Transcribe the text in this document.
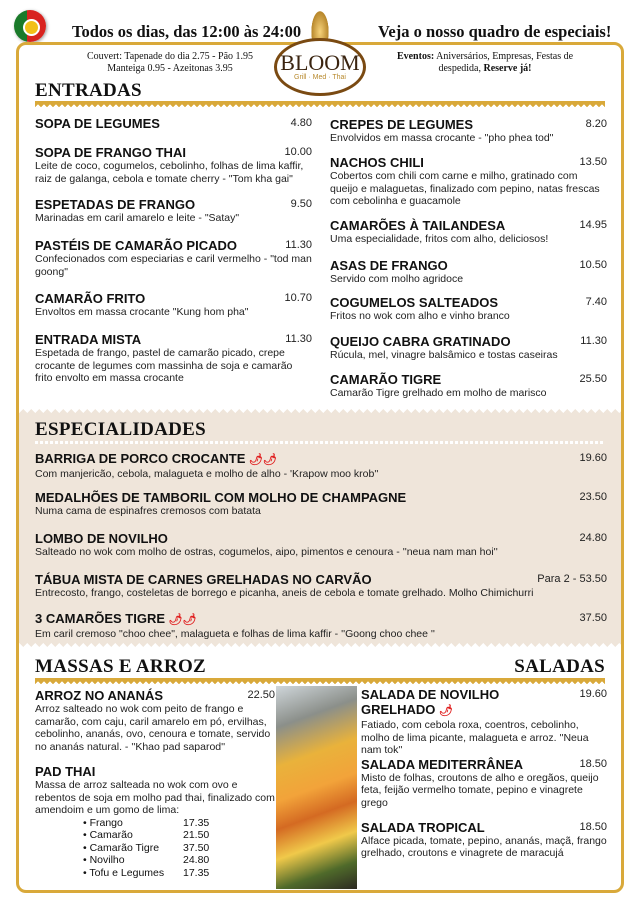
Todos os dias, das 12:00 às 24:00	Veja o nosso quadro de especiais!
Couvert: Tapenade do dia 2.75 - Pão 1.95
Manteiga 0.95 - Azeitonas 3.95
Eventos: Aniversários, Empresas, Festas de despedida, Reserve já!
BLOOM
Grill · Med · Thai
ENTRADAS
SOPA DE LEGUMES	4.80
SOPA DE FRANGO THAI	10.00
Leite de coco, cogumelos, cebolinho, folhas de lima kaffir, raiz de galanga, cebola e tomate cherry - "Tom kha gai"
ESPETADAS DE FRANGO	9.50
Marinadas em caril amarelo e leite - "Satay"
PASTÉIS DE CAMARÃO PICADO	11.30
Confecionados com especiarias e caril vermelho - "tod man goong"
CAMARÃO FRITO	10.70
Envoltos em massa crocante "Kung hom pha"
ENTRADA MISTA	11.30
Espetada de frango, pastel de camarão picado, crepe crocante de legumes com massinha de soja e camarão frito envolto em massa crocante
CREPES DE LEGUMES	8.20
Envolvidos em massa crocante - "pho phea tod"
NACHOS CHILI	13.50
Cobertos com chili com carne e milho, gratinado com queijo e malaguetas, finalizado com pepino, natas frescas com cebolinha e guacamole
CAMARÕES À TAILANDESA	14.95
Uma especialidade, fritos com alho, deliciosos!
ASAS DE FRANGO	10.50
Servido com molho agridoce
COGUMELOS SALTEADOS	7.40
Fritos no wok com alho e vinho branco
QUEIJO CABRA GRATINADO	11.30
Rúcula, mel, vinagre balsâmico e tostas caseiras
CAMARÃO TIGRE	25.50
Camarão Tigre grelhado em molho de marisco
ESPECIALIDADES
BARRIGA DE PORCO CROCANTE 🌶🌶	19.60
Com manjericão, cebola, malagueta e molho de alho - 'Krapow moo krob''
MEDALHÕES DE TAMBORIL COM MOLHO DE CHAMPAGNE	23.50
Numa cama de espinafres cremosos com batata
LOMBO DE NOVILHO	24.80
Salteado no wok com molho de ostras, cogumelos, aipo, pimentos e cenoura - ''neua nam man hoi''
TÁBUA MISTA DE CARNES GRELHADAS NO CARVÃO	Para 2 - 53.50
Entrecosto, frango, costeletas de borrego e picanha, aneis de cebola e tomate grelhado. Molho Chimichurri
3 CAMARÕES TIGRE 🌶🌶	37.50
Em caril cremoso "choo chee", malagueta e folhas de lima kaffir - ''Goong choo chee ''
MASSAS E ARROZ	SALADAS
ARROZ NO ANANÁS	22.50
Arroz salteado no wok com peito de frango e camarão, com caju, caril amarelo em pó, ervilhas, cebolinho, ananás, ovo, cenoura e tomate, servido no ananás natural. - ''Khao pad saparod''
PAD THAI
Massa de arroz salteada no wok com ovo e rebentos de soja em molho pad thai, finalizado com amendoim e um gomo de lima:
• Frango	17.35
• Camarão	21.50
• Camarão Tigre 37.50
• Novilho	24.80
• Tofu e Legumes 17.35
SALADA DE NOVILHO GRELHADO 🌶
19.60
Fatiado, com cebola roxa, coentros, cebolinho, molho de lima picante, malagueta e arroz. ''Neua nam tok''
SALADA MEDITERRÂNEA	18.50
Misto de folhas, croutons de alho e oregãos, queijo feta, feijão vermelho tomate, pepino e vinagrete grego
SALADA TROPICAL	18.50
Alface picada, tomate, pepino, ananás, maçã, frango grelhado, croutons e vinagrete de maracujá
